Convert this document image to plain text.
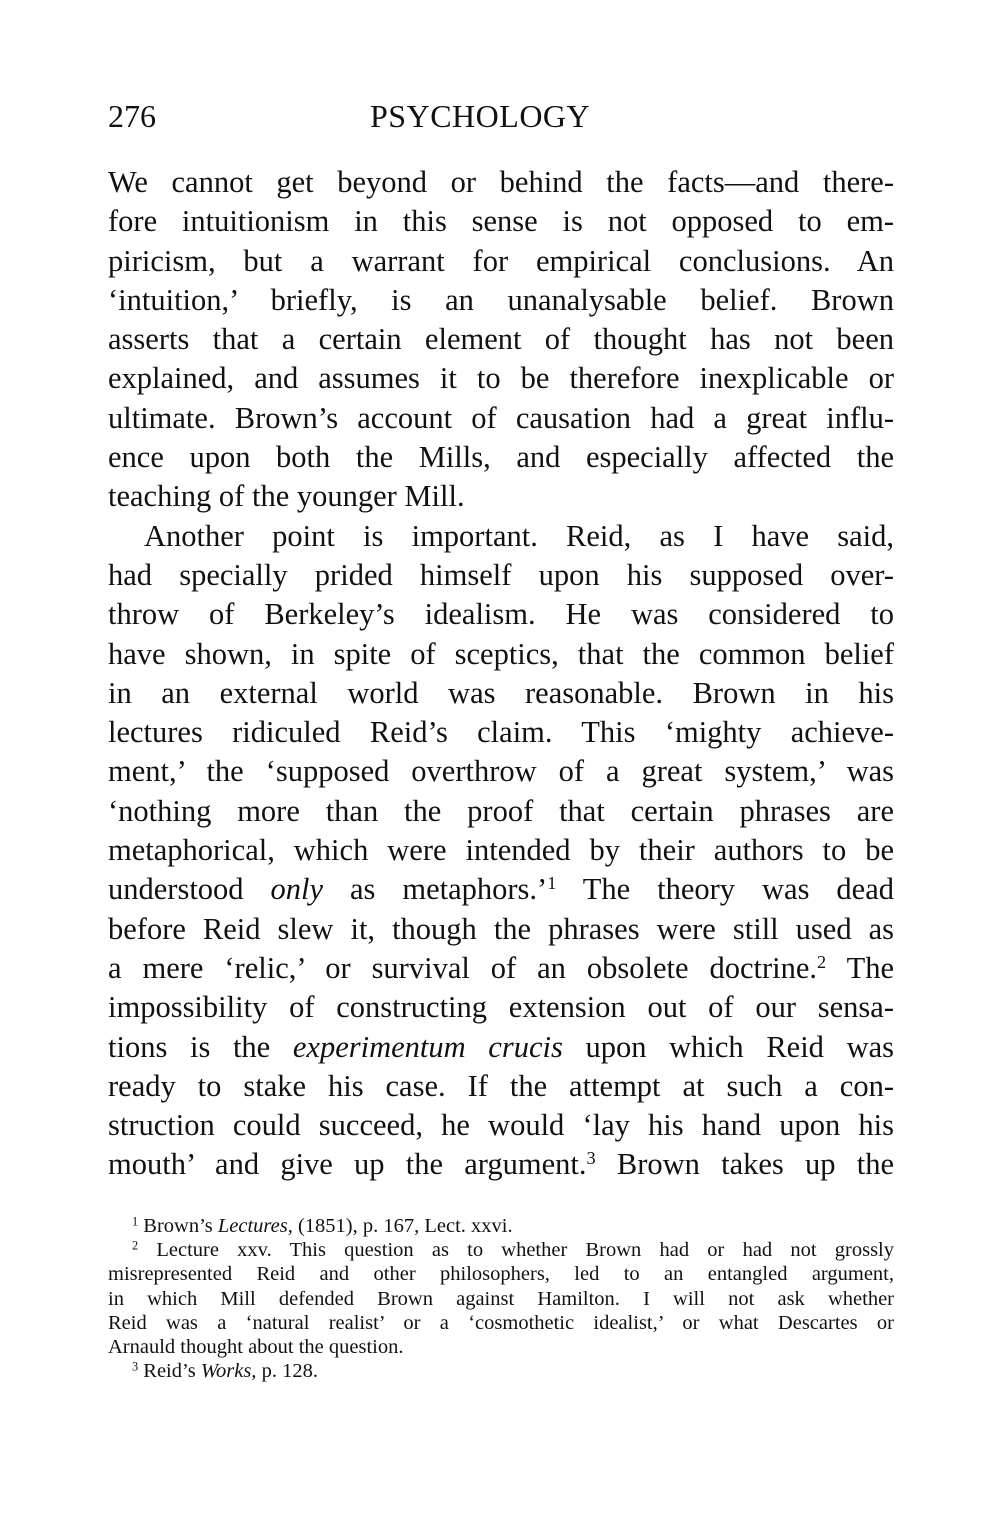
276	PSYCHOLOGY
We cannot get beyond or behind the facts—and there-
fore intuitionism in this sense is not opposed to em-
piricism, but a warrant for empirical conclusions. An
‘intuition,’ briefly, is an unanalysable belief. Brown
asserts that a certain element of thought has not been
explained, and assumes it to be therefore inexplicable or
ultimate. Brown’s account of causation had a great influ-
ence upon both the Mills, and especially affected the
teaching of the younger Mill.
Another point is important. Reid, as I have said,
had specially prided himself upon his supposed over-
throw of Berkeley’s idealism. He was considered to
have shown, in spite of sceptics, that the common belief
in an external world was reasonable. Brown in his
lectures ridiculed Reid’s claim. This ‘mighty achieve-
ment,’ the ‘supposed overthrow of a great system,’ was
‘nothing more than the proof that certain phrases are
metaphorical, which were intended by their authors to be
understood only as metaphors.’$^1$ The theory was dead
before Reid slew it, though the phrases were still used as
a mere ‘relic,’ or survival of an obsolete doctrine.$^2$ The
impossibility of constructing extension out of our sensa-
tions is the experimentum crucis upon which Reid was
ready to stake his case. If the attempt at such a con-
struction could succeed, he would ‘lay his hand upon his
mouth’ and give up the argument.$^3$ Brown takes up the
$^1$ Brown’s Lectures, (1851), p. 167, Lect. xxvi.
$^2$ Lecture xxv. This question as to whether Brown had or had not grossly
misrepresented Reid and other philosophers, led to an entangled argument,
in which Mill defended Brown against Hamilton. I will not ask whether
Reid was a ‘natural realist’ or a ‘cosmothetic idealist,’ or what Descartes or
Arnauld thought about the question.
$^3$ Reid’s Works, p. 128.
